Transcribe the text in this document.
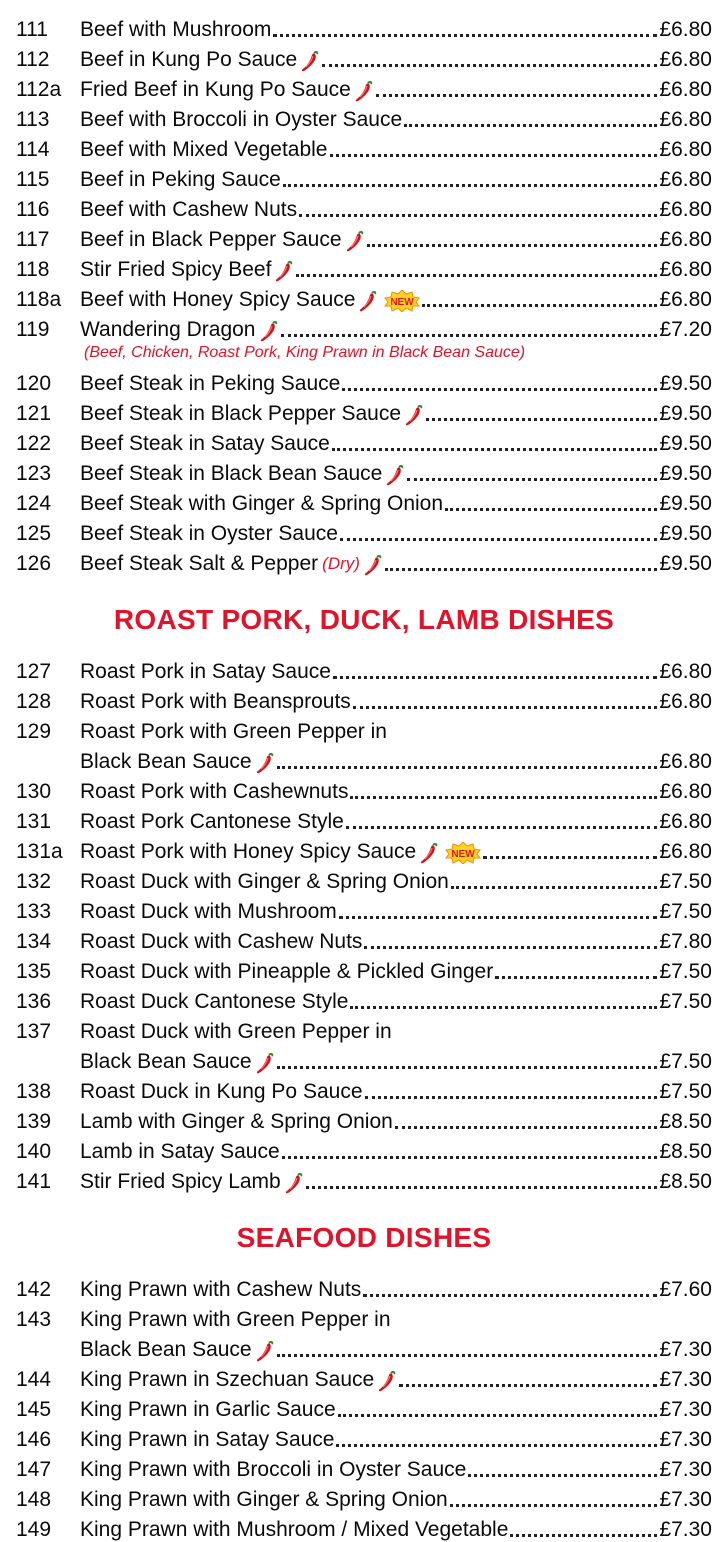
111	Beef with Mushroom	£6.80
112	Beef in Kung Po Sauce	£6.80
112a Fried Beef in Kung Po Sauce	£6.80
113	Beef with Broccoli in Oyster Sauce	£6.80
114	Beef with Mixed Vegetable	£6.80
115	Beef in Peking Sauce	£6.80
116	Beef with Cashew Nuts	£6.80
117	Beef in Black Pepper Sauce	£6.80
118	Stir Fried Spicy Beef	£6.80
118a Beef with Honey Spicy Sauce	NEW	£6.80
119	Wandering Dragon	£7.20
(Beef, Chicken, Roast Pork, King Prawn in Black Bean Sauce)
120	Beef Steak in Peking Sauce	£9.50
121	Beef Steak in Black Pepper Sauce	£9.50
122	Beef Steak in Satay Sauce	£9.50
123	Beef Steak in Black Bean Sauce	£9.50
124	Beef Steak with Ginger & Spring Onion	£9.50
125	Beef Steak in Oyster Sauce	£9.50
126	Beef Steak Salt & Pepper (Dry)	£9.50
ROAST PORK, DUCK, LAMB DISHES
127	Roast Pork in Satay Sauce	£6.80
128	Roast Pork with Beansprouts	£6.80
129	Roast Pork with Green Pepper in
Black Bean Sauce	£6.80
130	Roast Pork with Cashewnuts	£6.80
131	Roast Pork Cantonese Style	£6.80
131a Roast Pork with Honey Spicy Sauce	NEW	£6.80
132	Roast Duck with Ginger & Spring Onion	£7.50
133	Roast Duck with Mushroom	£7.50
134	Roast Duck with Cashew Nuts	£7.80
135	Roast Duck with Pineapple & Pickled Ginger	£7.50
136	Roast Duck Cantonese Style	£7.50
137	Roast Duck with Green Pepper in
Black Bean Sauce	£7.50
138	Roast Duck in Kung Po Sauce	£7.50
139	Lamb with Ginger & Spring Onion	£8.50
140	Lamb in Satay Sauce	£8.50
141	Stir Fried Spicy Lamb	£8.50
SEAFOOD DISHES
142	King Prawn with Cashew Nuts	£7.60
143	King Prawn with Green Pepper in
Black Bean Sauce	£7.30
144	King Prawn in Szechuan Sauce	£7.30
145	King Prawn in Garlic Sauce	£7.30
146	King Prawn in Satay Sauce	£7.30
147	King Prawn with Broccoli in Oyster Sauce	£7.30
148	King Prawn with Ginger & Spring Onion	£7.30
149	King Prawn with Mushroom / Mixed Vegetable	£7.30
